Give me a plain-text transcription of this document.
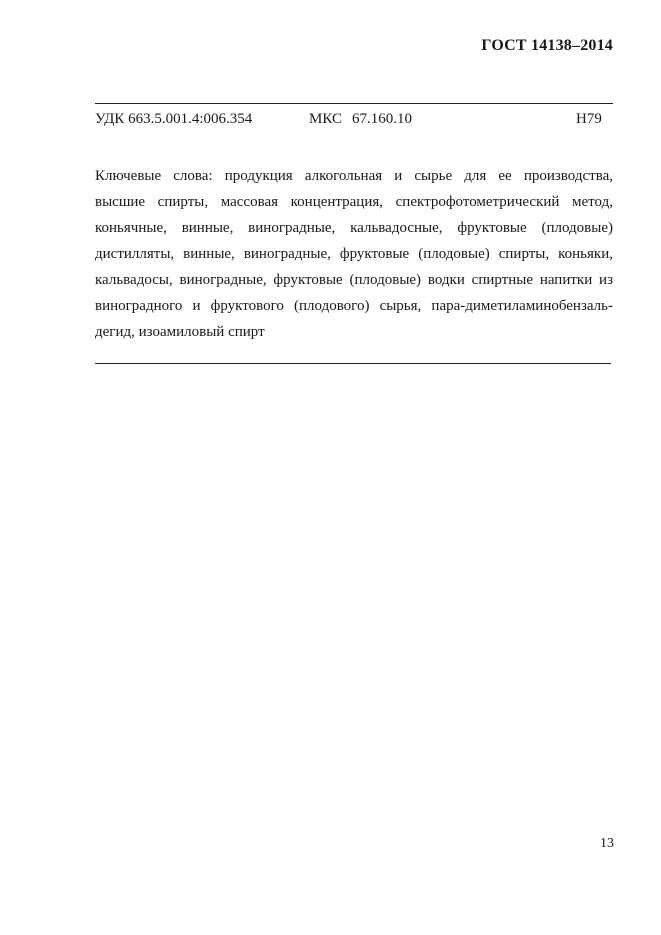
ГОСТ 14138–2014
УДК 663.5.001.4:006.354	МКС 67.160.10	Н79
Ключевые слова: продукция алкогольная и сырье для ее производства,
высшие спирты, массовая концентрация, спектрофотометрический метод,
коньячные, винные, виноградные, кальвадосные, фруктовые (плодовые)
дистилляты, винные, виноградные, фруктовые (плодовые) спирты, коньяки,
кальвадосы, виноградные, фруктовые (плодовые) водки спиртные напитки из
виноградного и фруктового (плодового) сырья, пара-диметиламинобензаль-
дегид, изоамиловый спирт
13
